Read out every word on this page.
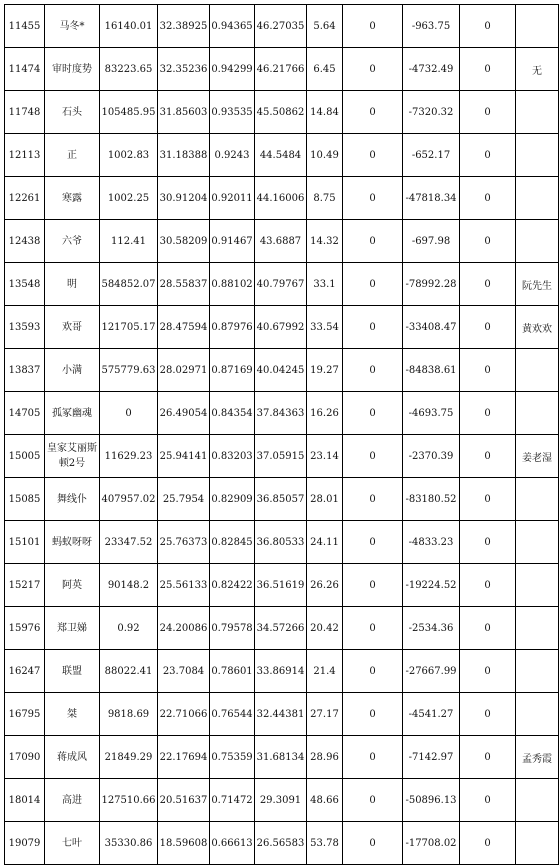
11455	马冬*	16140.01	32.38925	0.94365	46.27035	5.64	0	-963.75	0	
11474	审时度势	83223.65	32.35236	0.94299	46.21766	6.45	0	-4732.49	0	无
11748	石头	105485.95	31.85603	0.93535	45.50862	14.84	0	-7320.32	0	
12113	正	1002.83	31.18388	0.9243	44.5484	10.49	0	-652.17	0	
12261	寒露	1002.25	30.91204	0.92011	44.16006	8.75	0	-47818.34	0	
12438	六爷	112.41	30.58209	0.91467	43.6887	14.32	0	-697.98	0	
13548	明	584852.07	28.55837	0.88102	40.79767	33.1	0	-78992.28	0	阮先生
13593	欢哥	121705.17	28.47594	0.87976	40.67992	33.54	0	-33408.47	0	黄欢欢
13837	小满	575779.63	28.02971	0.87169	40.04245	19.27	0	-84838.61	0	
14705	孤冢幽魂	0	26.49054	0.84354	37.84363	16.26	0	-4693.75	0	
15005	皇家艾丽斯顿2号	11629.23	25.94141	0.83203	37.05915	23.14	0	-2370.39	0	姜老湿
15085	舞线仆	407957.02	25.7954	0.82909	36.85057	28.01	0	-83180.52	0	
15101	蚂蚁呀呀	23347.52	25.76373	0.82845	36.80533	24.11	0	-4833.23	0	
15217	阿英	90148.2	25.56133	0.82422	36.51619	26.26	0	-19224.52	0	
15976	郑卫娣	0.92	24.20086	0.79578	34.57266	20.42	0	-2534.36	0	
16247	联盟	88022.41	23.7084	0.78601	33.86914	21.4	0	-27667.99	0	
16795	桀	9818.69	22.71066	0.76544	32.44381	27.17	0	-4541.27	0	
17090	蒋成风	21849.29	22.17694	0.75359	31.68134	28.96	0	-7142.97	0	孟秀霞
18014	高进	127510.66	20.51637	0.71472	29.3091	48.66	0	-50896.13	0	
19079	七叶	35330.86	18.59608	0.66613	26.56583	53.78	0	-17708.02	0	
